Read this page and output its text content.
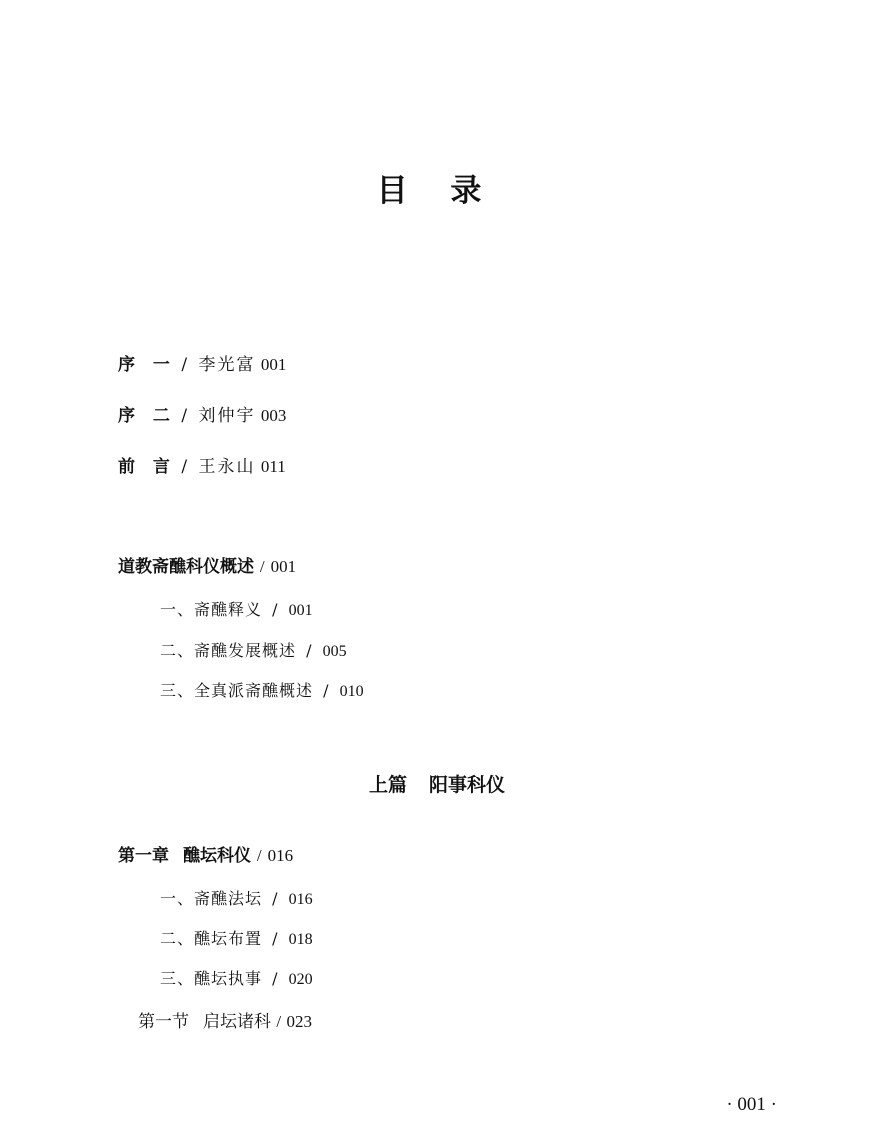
目 录
序 一 / 李光富 001
序 二 / 刘仲宇 003
前 言 / 王永山 011
道教斋醮科仪概述 / 001
一、斋醮释义 / 001
二、斋醮发展概述 / 005
三、全真派斋醮概述 / 010
上篇 阳事科仪
第一章 醮坛科仪 / 016
一、斋醮法坛 / 016
二、醮坛布置 / 018
三、醮坛执事 / 020
第一节 启坛诸科 / 023
· 001 ·
